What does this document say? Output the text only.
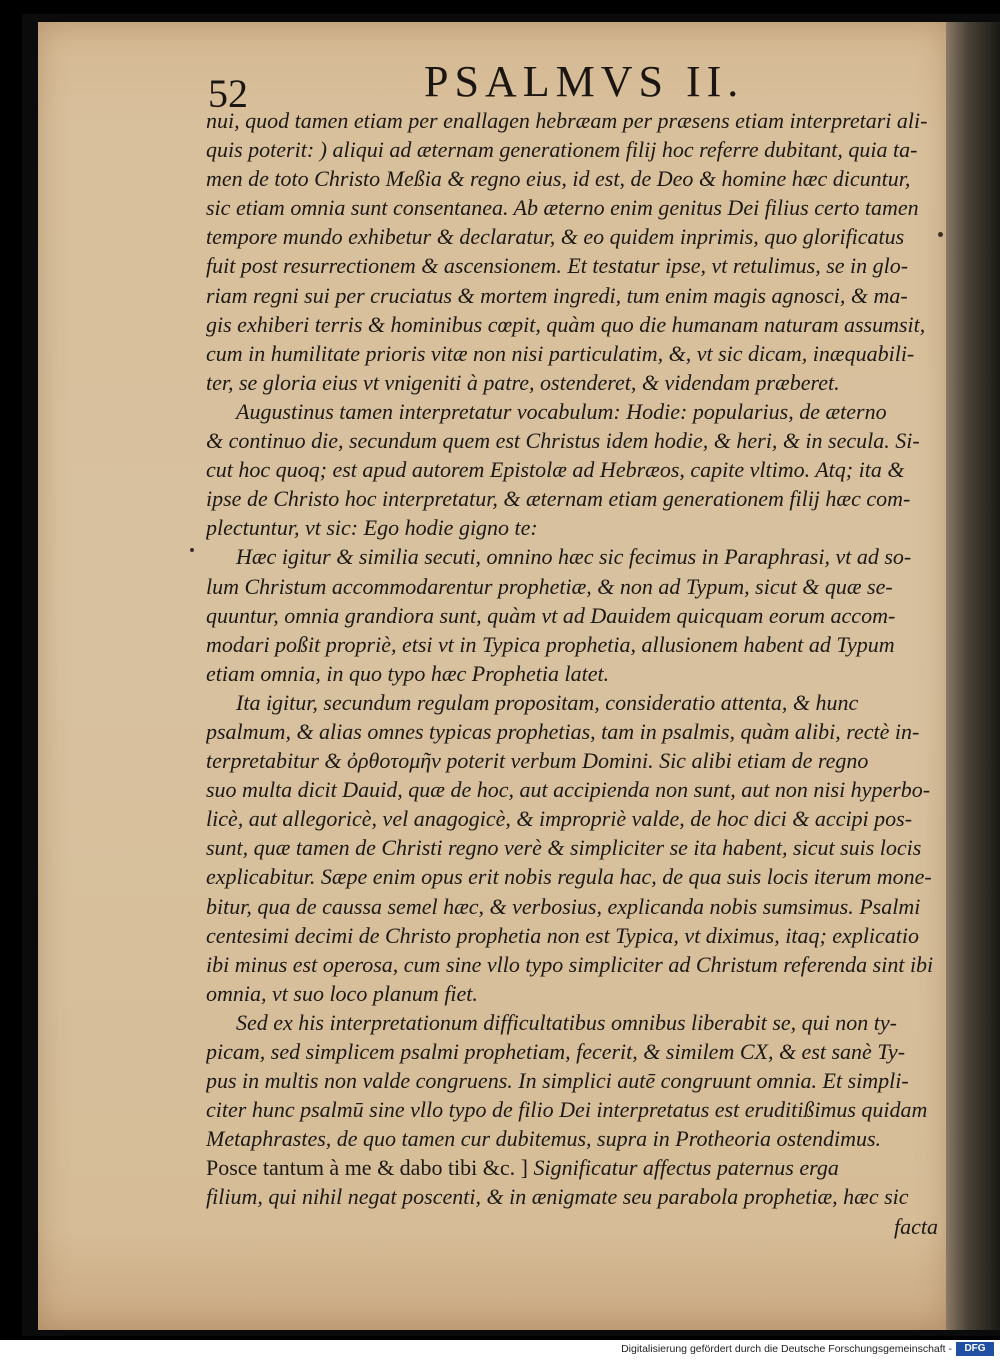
52	PSALMVS II.
nui, quod tamen etiam per enallagen hebræam per præsens etiam interpretari ali-
quis poterit: ) aliqui ad æternam generationem filij hoc referre dubitant, quia ta-
men de toto Christo Meßia & regno eius, id est, de Deo & homine hæc dicuntur,
sic etiam omnia sunt consentanea. Ab æterno enim genitus Dei filius certo tamen
tempore mundo exhibetur & declaratur, & eo quidem inprimis, quo glorificatus
fuit post resurrectionem & ascensionem. Et testatur ipse, vt retulimus, se in glo-
riam regni sui per cruciatus & mortem ingredi, tum enim magis agnosci, & ma-
gis exhiberi terris & hominibus cœpit, quàm quo die humanam naturam assumsit,
cum in humilitate prioris vitæ non nisi particulatim, &, vt sic dicam, inæquabili-
ter, se gloria eius vt vnigeniti à patre, ostenderet, & videndam præberet.
Augustinus tamen interpretatur vocabulum: Hodie: popularius, de æterno
& continuo die, secundum quem est Christus idem hodie, & heri, & in secula. Si-
cut hoc quoq; est apud autorem Epistolæ ad Hebræos, capite vltimo. Atq; ita &
ipse de Christo hoc interpretatur, & æternam etiam generationem filij hæc com-
plectuntur, vt sic: Ego hodie gigno te:
Hæc igitur & similia secuti, omnino hæc sic fecimus in Paraphrasi, vt ad so-
lum Christum accommodarentur prophetiæ, & non ad Typum, sicut & quæ se-
quuntur, omnia grandiora sunt, quàm vt ad Dauidem quicquam eorum accom-
modari poßit propriè, etsi vt in Typica prophetia, allusionem habent ad Typum
etiam omnia, in quo typo hæc Prophetia latet.
Ita igitur, secundum regulam propositam, consideratio attenta, & hunc
psalmum, & alias omnes typicas prophetias, tam in psalmis, quàm alibi, rectè in-
terpretabitur & ὀρθοτομῆν poterit verbum Domini. Sic alibi etiam de regno
suo multa dicit Dauid, quæ de hoc, aut accipienda non sunt, aut non nisi hyperbo-
licè, aut allegoricè, vel anagogicè, & impropriè valde, de hoc dici & accipi pos-
sunt, quæ tamen de Christi regno verè & simpliciter se ita habent, sicut suis locis
explicabitur. Sæpe enim opus erit nobis regula hac, de qua suis locis iterum mone-
bitur, qua de caussa semel hæc, & verbosius, explicanda nobis sumsimus. Psalmi
centesimi decimi de Christo prophetia non est Typica, vt diximus, itaq; explicatio
ibi minus est operosa, cum sine vllo typo simpliciter ad Christum referenda sint ibi
omnia, vt suo loco planum fiet.
Sed ex his interpretationum difficultatibus omnibus liberabit se, qui non ty-
picam, sed simplicem psalmi prophetiam, fecerit, & similem CX, & est sanè Ty-
pus in multis non valde congruens. In simplici autē congruunt omnia. Et simpli-
citer hunc psalmū sine vllo typo de filio Dei interpretatus est eruditißimus quidam
Metaphrastes, de quo tamen cur dubitemus, supra in Protheoria ostendimus.
Posce tantum à me & dabo tibi &c. ] Significatur affectus paternus erga
filium, qui nihil negat poscenti, & in ænigmate seu parabola prophetiæ, hæc sic
facta
Digitalisierung gefördert durch die Deutsche Forschungsgemeinschaft -	DFG
